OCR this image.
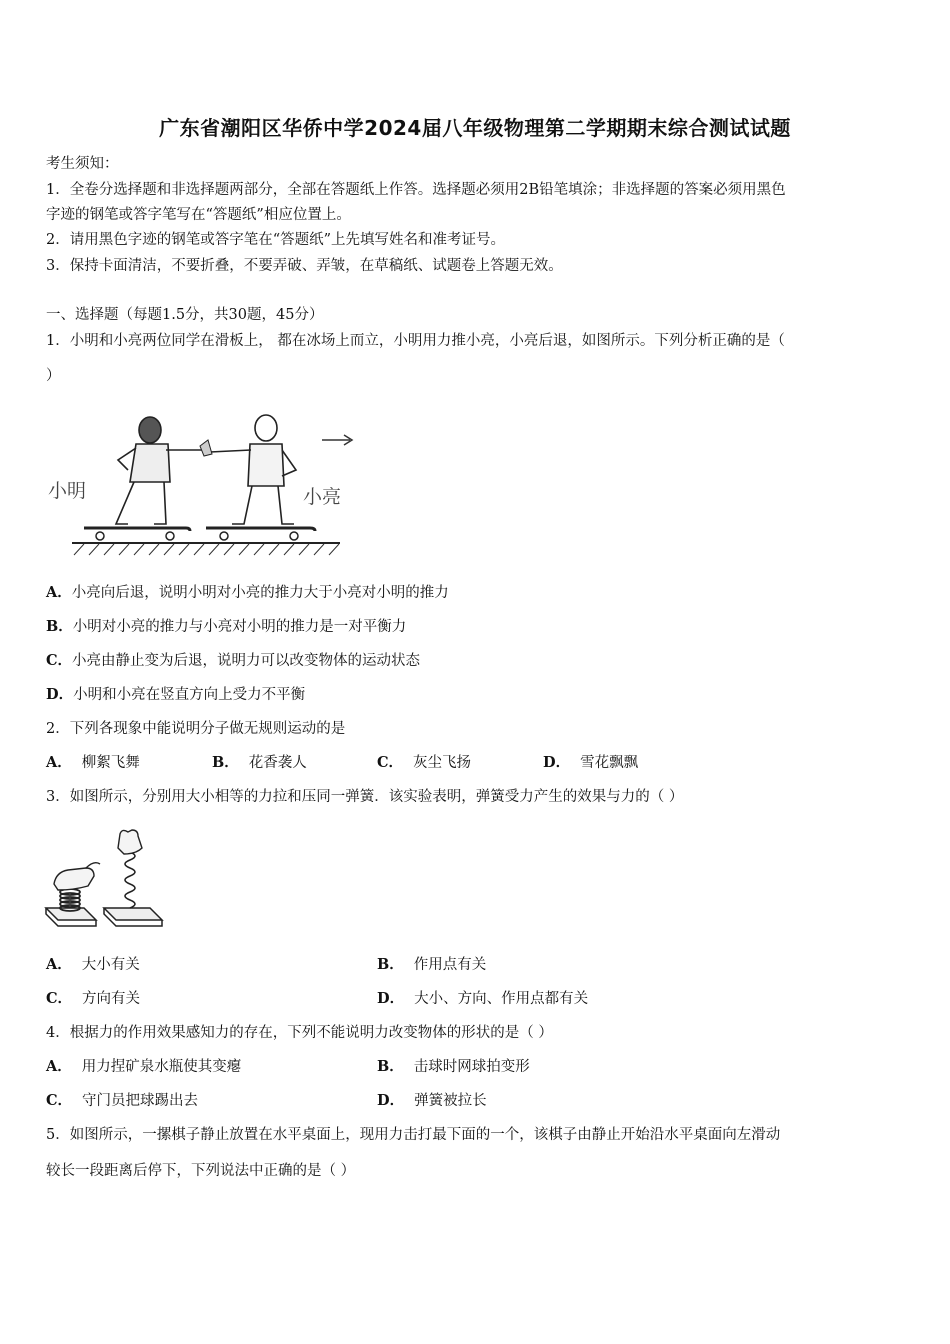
广东省潮阳区华侨中学2024届八年级物理第二学期期末综合测试试题
考生须知：
1．全卷分选择题和非选择题两部分，全部在答题纸上作答。选择题必须用2B铅笔填涂；非选择题的答案必须用黑色
字迹的钢笔或答字笔写在“答题纸”相应位置上。
2．请用黑色字迹的钢笔或答字笔在“答题纸”上先填写姓名和准考证号。
3．保持卡面清洁，不要折叠，不要弄破、弄皱，在草稿纸、试题卷上答题无效。
一、选择题（每题1.5分，共30题，45分）
1．小明和小亮两位同学在滑板上， 都在冰场上而立，小明用力推小亮，小亮后退，如图所示。下列分析正确的是（
）
小明	小亮
A．小亮向后退，说明小明对小亮的推力大于小亮对小明的推力
B．小明对小亮的推力与小亮对小明的推力是一对平衡力
C．小亮由静止变为后退，说明力可以改变物体的运动状态
D．小明和小亮在竖直方向上受力不平衡
2．下列各现象中能说明分子做无规则运动的是
A． 柳絮飞舞	B． 花香袭人	C． 灰尘飞扬	D． 雪花飘飘
3．如图所示，分别用大小相等的力拉和压同一弹簧．该实验表明，弹簧受力产生的效果与力的（ ）
A． 大小有关	B． 作用点有关
C． 方向有关	D． 大小、方向、作用点都有关
4．根据力的作用效果感知力的存在，下列不能说明力改变物体的形状的是（ ）
A． 用力捏矿泉水瓶使其变瘪	B． 击球时网球拍变形
C． 守门员把球踢出去	D． 弹簧被拉长
5．如图所示，一摞棋子静止放置在水平桌面上，现用力击打最下面的一个，该棋子由静止开始沿水平桌面向左滑动
较长一段距离后停下，下列说法中正确的是（ ）
